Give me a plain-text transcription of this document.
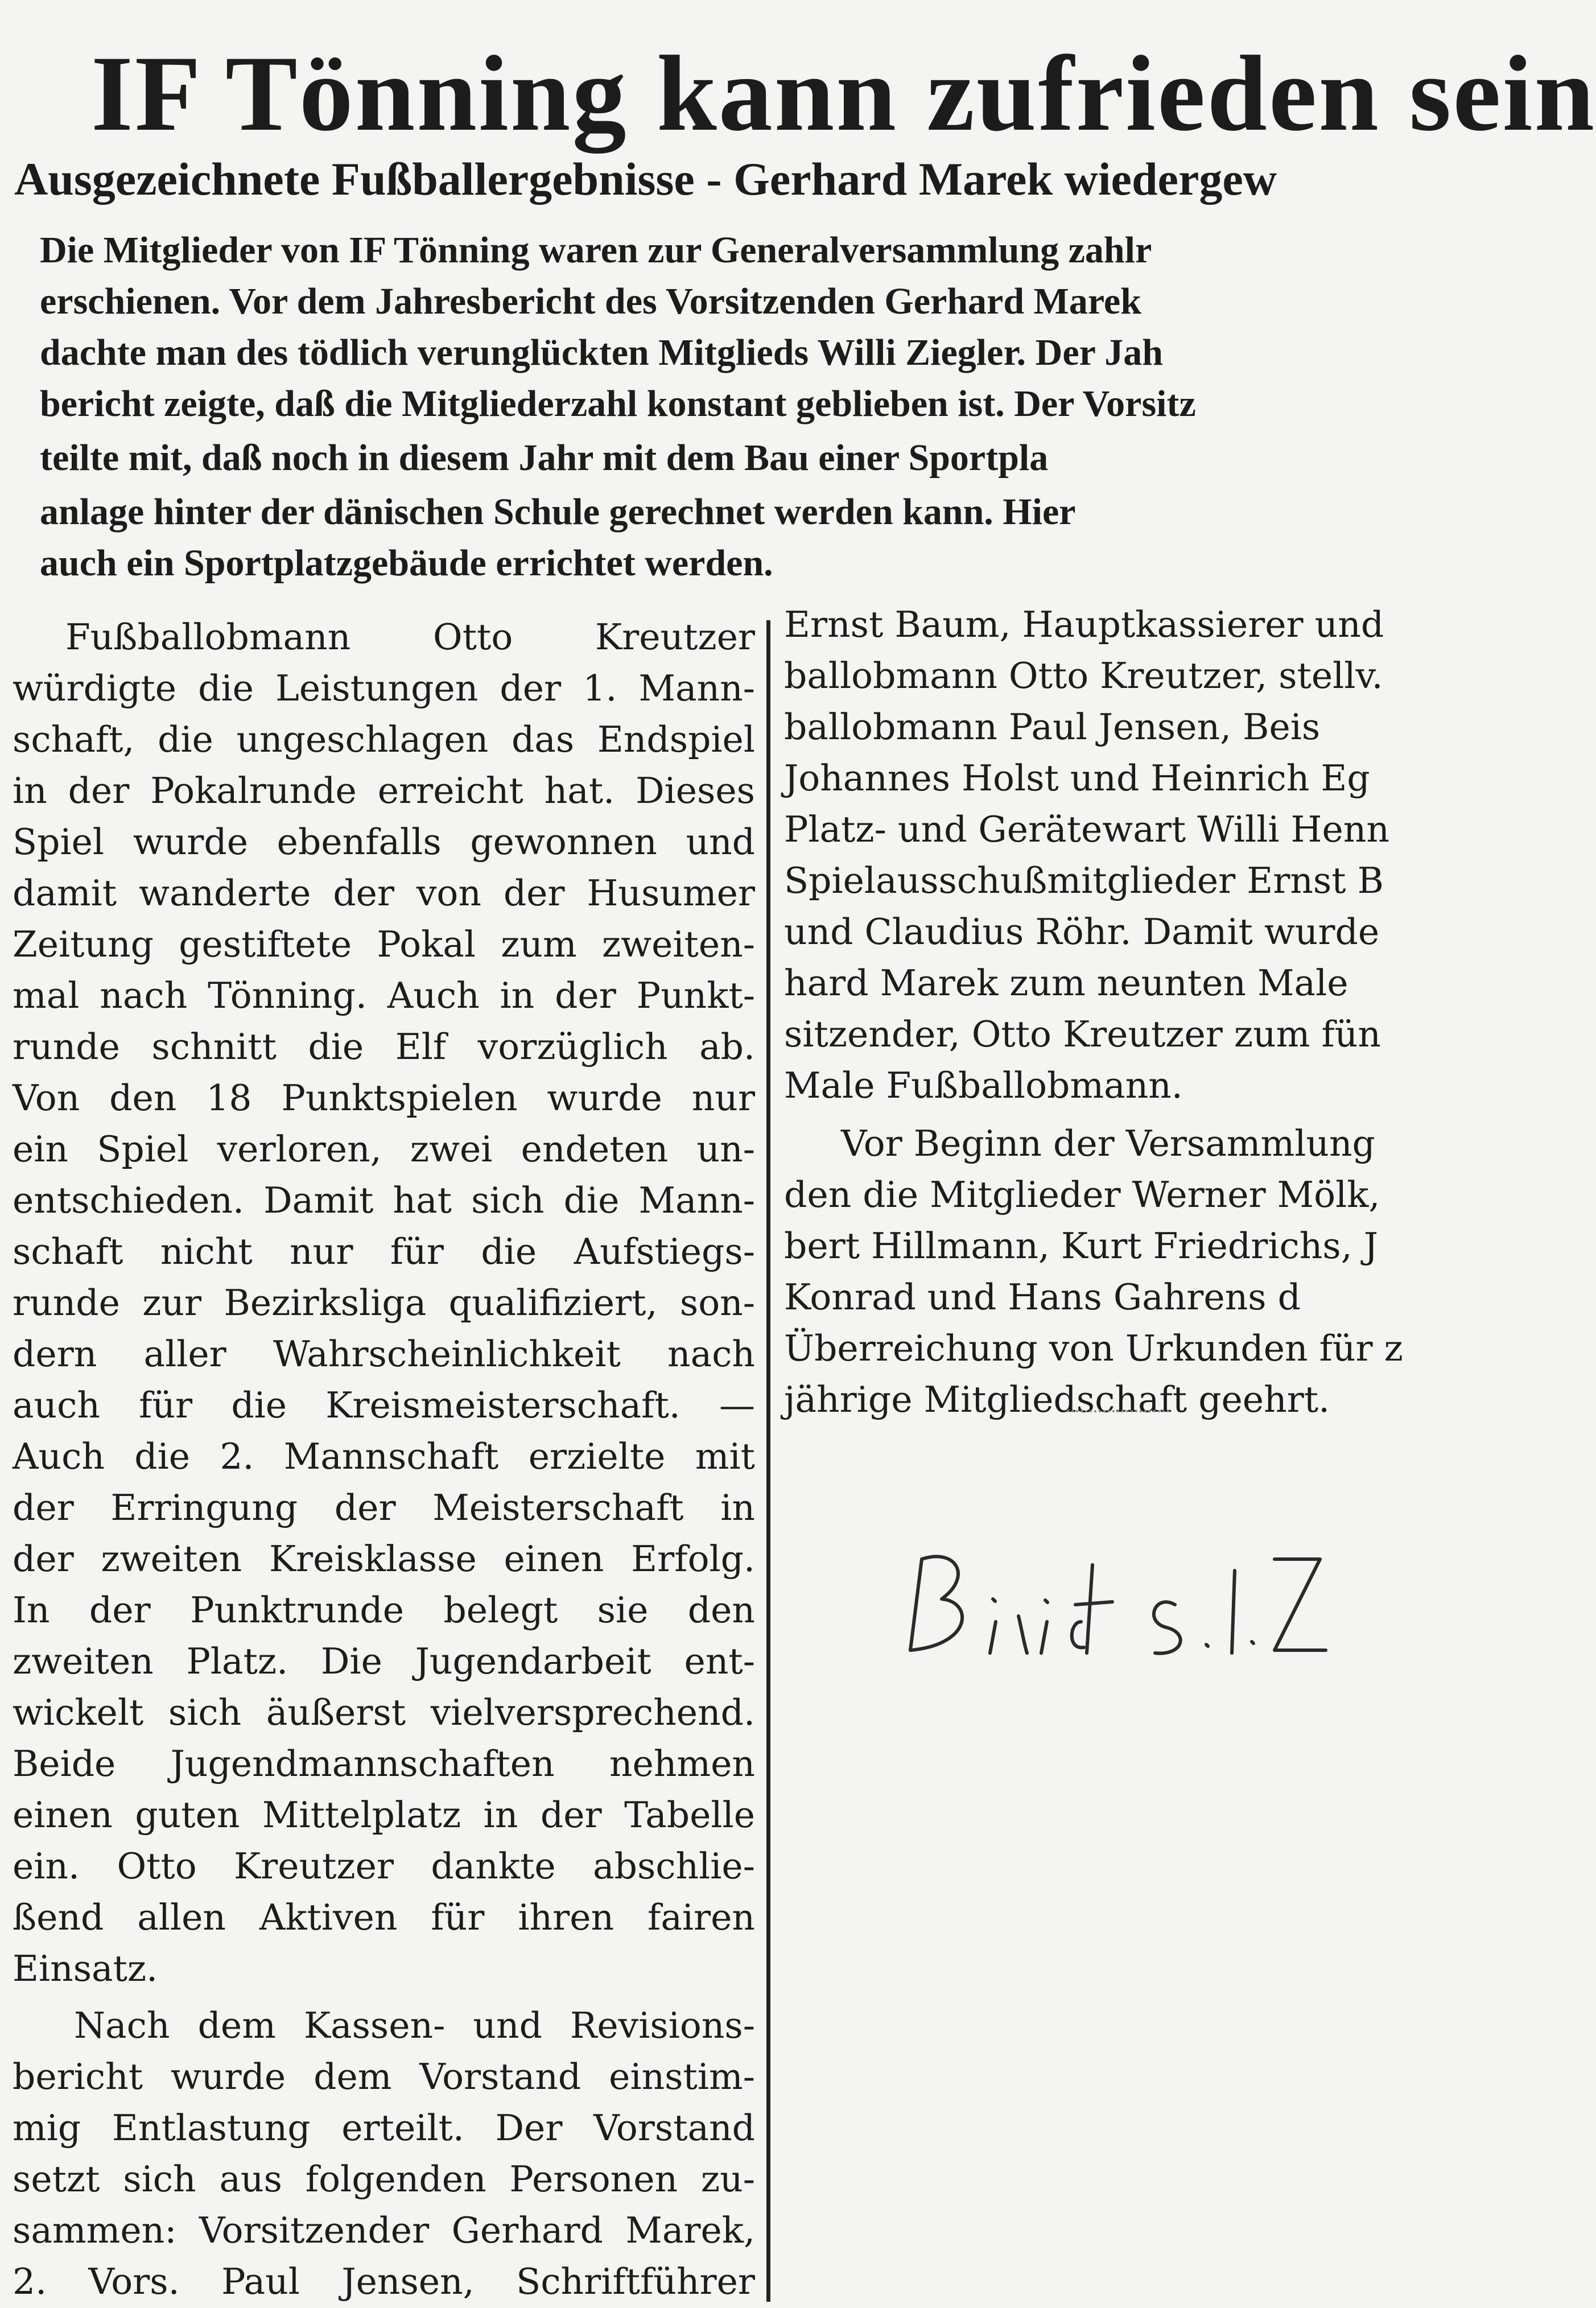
IF Tönning kann zufrieden sein
Ausgezeichnete Fußballergebnisse - Gerhard Marek wiedergew
Die Mitglieder von IF Tönning waren zur Generalversammlung zahlr
erschienen. Vor dem Jahresbericht des Vorsitzenden Gerhard Marek
dachte man des tödlich verunglückten Mitglieds Willi Ziegler. Der Jah
bericht zeigte, daß die Mitgliederzahl konstant geblieben ist. Der Vorsitz
teilte mit, daß noch in diesem Jahr mit dem Bau einer Sportpla
anlage hinter der dänischen Schule gerechnet werden kann. Hier
auch ein Sportplatzgebäude errichtet werden.
Fußballobmann Otto Kreutzer
würdigte die Leistungen der 1. Mann-
schaft, die ungeschlagen das Endspiel
in der Pokalrunde erreicht hat. Dieses
Spiel wurde ebenfalls gewonnen und
damit wanderte der von der Husumer
Zeitung gestiftete Pokal zum zweiten-
mal nach Tönning. Auch in der Punkt-
runde schnitt die Elf vorzüglich ab.
Von den 18 Punktspielen wurde nur
ein Spiel verloren, zwei endeten un-
entschieden. Damit hat sich die Mann-
schaft nicht nur für die Aufstiegs-
runde zur Bezirksliga qualifiziert, son-
dern aller Wahrscheinlichkeit nach
auch für die Kreismeisterschaft. —
Auch die 2. Mannschaft erzielte mit
der Erringung der Meisterschaft in
der zweiten Kreisklasse einen Erfolg.
In der Punktrunde belegt sie den
zweiten Platz. Die Jugendarbeit ent-
wickelt sich äußerst vielversprechend.
Beide Jugendmannschaften nehmen
einen guten Mittelplatz in der Tabelle
ein. Otto Kreutzer dankte abschlie-
ßend allen Aktiven für ihren fairen
Einsatz.
Nach dem Kassen- und Revisions-
bericht wurde dem Vorstand einstim-
mig Entlastung erteilt. Der Vorstand
setzt sich aus folgenden Personen zu-
sammen: Vorsitzender Gerhard Marek,
2. Vors. Paul Jensen, Schriftführer
Ernst Baum, Hauptkassierer und
ballobmann Otto Kreutzer, stellv.
ballobmann Paul Jensen, Beis
Johannes Holst und Heinrich Eg
Platz- und Gerätewart Willi Henn
Spielausschußmitglieder Ernst B
und Claudius Röhr. Damit wurde
hard Marek zum neunten Male
sitzender, Otto Kreutzer zum fün
Male Fußballobmann.
Vor Beginn der Versammlung
den die Mitglieder Werner Mölk,
bert Hillmann, Kurt Friedrichs, J
Konrad und Hans Gahrens d
Überreichung von Urkunden für z
jährige Mitgliedschaft geehrt.
